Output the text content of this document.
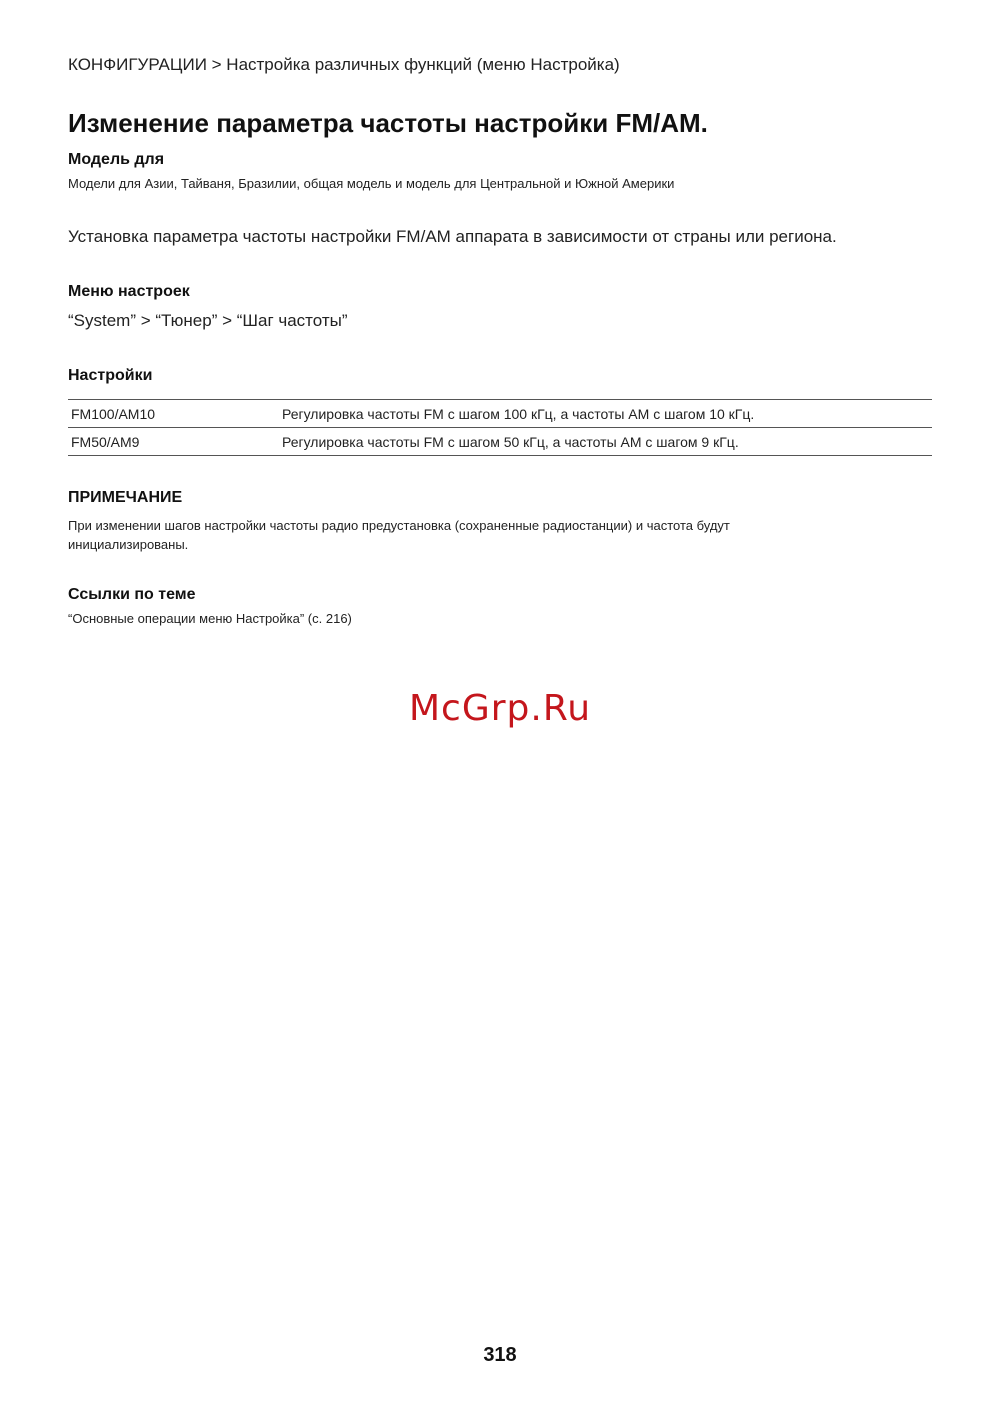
КОНФИГУРАЦИИ > Настройка различных функций (меню Настройка)
Изменение параметра частоты настройки FM/AM.
Модель для
Модели для Азии, Тайваня, Бразилии, общая модель и модель для Центральной и Южной Америки
Установка параметра частоты настройки FM/AM аппарата в зависимости от страны или региона.
Меню настроек
“System” > “Тюнер” > “Шаг частоты”
Настройки
FM100/AM10	Регулировка частоты FM с шагом 100 кГц, а частоты AM с шагом 10 кГц.
FM50/AM9	Регулировка частоты FM с шагом 50 кГц, а частоты AM с шагом 9 кГц.
ПРИМЕЧАНИЕ
При изменении шагов настройки частоты радио предустановка (сохраненные радиостанции) и частота будут инициализированы.
Ссылки по теме
“Основные операции меню Настройка” (с. 216)
McGrp.Ru
318
